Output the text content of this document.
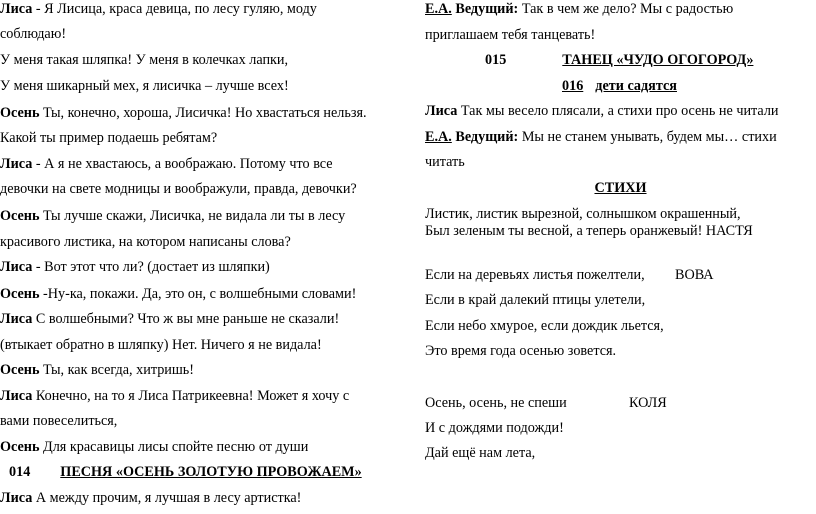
Лиса - Я Лисица, краса девица, по лесу гуляю, моду
соблюдаю!
У меня такая шляпка! У меня в колечках лапки,
У меня шикарный мех, я лисичка – лучше всех!
Осень Ты, конечно, хороша, Лисичка! Но хвастаться нельзя.
Какой ты пример подаешь ребятам?
Лиса - А я не хвастаюсь, а воображаю. Потому что все
девочки на свете модницы и воображули, правда, девочки?
Осень Ты лучше скажи, Лисичка, не видала ли ты в лесу
красивого листика, на котором написаны слова?
Лиса - Вот этот что ли? (достает из шляпки)
Осень -Ну-ка, покажи. Да, это он, с волшебными словами!
Лиса С волшебными? Что ж вы мне раньше не сказали!
(втыкает обратно в шляпку) Нет. Ничего я не видала!
Осень Ты, как всегда, хитришь!
Лиса Конечно, на то я Лиса Патрикеевна! Может я хочу с
вами повеселиться,
Осень Для красавицы лисы спойте песню от души
014 ПЕСНЯ «ОСЕНЬ ЗОЛОТУЮ ПРОВОЖАЕМ»
Лиса А между прочим, я лучшая в лесу артистка!
Е.А. Ведущий: Так в чем же дело? Мы с радостью
приглашаем тебя танцевать!
015	ТАНЕЦ «ЧУДО ОГОГОРОД»
016 дети садятся
Лиса Так мы весело плясали, а стихи про осень не читали
Е.А. Ведущий: Мы не станем унывать, будем мы… стихи
читать
СТИХИ
Листик, листик вырезной, солнышком окрашенный,
Был зеленым ты весной, а теперь оранжевый! НАСТЯ
Если на деревьях листья пожелтели, ВОВА
Если в край далекий птицы улетели,
Если небо хмурое, если дождик льется,
Это время года осенью зовется.
Осень, осень, не спеши	КОЛЯ
И с дождями подожди!
Дай ещё нам лета,
